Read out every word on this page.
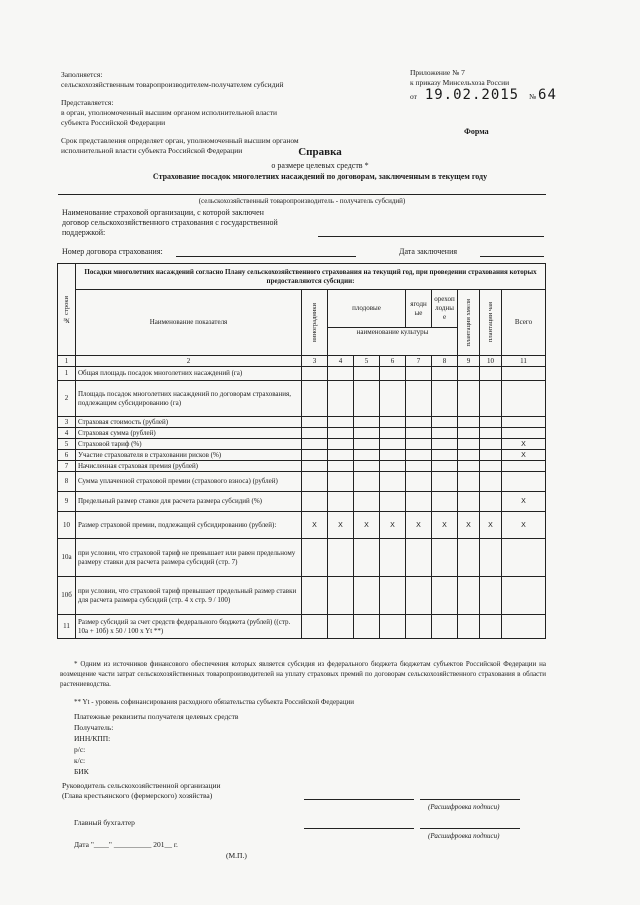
Заполняется:
сельскохозяйственным товаропроизводителем-получателем субсидий
Представляется:
в орган, уполномоченный высшим органом исполнительной власти
субъекта Российской Федерации
Срок представления определяет орган, уполномоченный высшим органом
исполнительной власти субъекта Российской Федерации
Приложение № 7
к приказу Минсельхоза России
от 19.02.2015 № 64
Форма
Справка
о размере целевых средств *
Страхование посадок многолетних насаждений по договорам, заключенным в текущем году
(сельскохозяйственный товаропроизводитель - получатель субсидий)
Наименование страховой организации, с которой заключен
договор сельскохозяйственного страхования с государственной
поддержкой:
Номер договора страхования:	Дата заключения
№ строки	Посадки многолетних насаждений согласно Плану сельскохозяйственного страхования на текущий год, при проведении страхования которых предоставляются субсидии:									
	Наименование показателя	виноградники	плодовые			ягодные	орехоплодные	плантации хмеля	плантации чая	Всего
			наименование культуры							
1	2	3	4	5	6	7	8	9	10	11
1	Общая площадь посадок многолетних насаждений (га)									
2	Площадь посадок многолетних насаждений по договорам страхования, подлежащим субсидированию (га)									
3	Страховая стоимость (рублей)									
4	Страховая сумма (рублей)									
5	Страховой тариф (%)									X
6	Участие страхователя в страховании рисков (%)									X
7	Начисленная страховая премия (рублей)									
8	Сумма уплаченной страховой премии (страхового взноса) (рублей)									
9	Предельный размер ставки для расчета размера субсидий (%)									X
10	Размер страховой премии, подлежащей субсидированию (рублей):	X	X	X	X	X	X	X	X	X
10а	при условии, что страховой тариф не превышает или равен предельному размеру ставки для расчета размера субсидий (стр. 7)									
10б	при условии, что страховой тариф превышает предельный размер ставки для расчета размера субсидий (стр. 4 x стр. 9 / 100)									
11	Размер субсидий за счет средств федерального бюджета (рублей) ((стр. 10а + 10б) x 50 / 100 x Yt **)									
* Одним из источников финансового обеспечения которых является субсидия из федерального бюджета бюджетам субъектов Российской Федерации на возмещение части затрат сельскохозяйственных товаропроизводителей на уплату страховых премий по договорам сельскохозяйственного страхования в области растениеводства.
** Yt - уровень софинансирования расходного обязательства субъекта Российской Федерации
Платежные реквизиты получателя целевых средств
Получатель:
ИНН/КПП:
р/с:
к/с:
БИК
Руководитель сельскохозяйственной организации
(Глава крестьянского (фермерского) хозяйства)
(Расшифровка подписи)
Главный бухгалтер
(Расшифровка подписи)
Дата "____" __________ 201__ г.
(М.П.)
